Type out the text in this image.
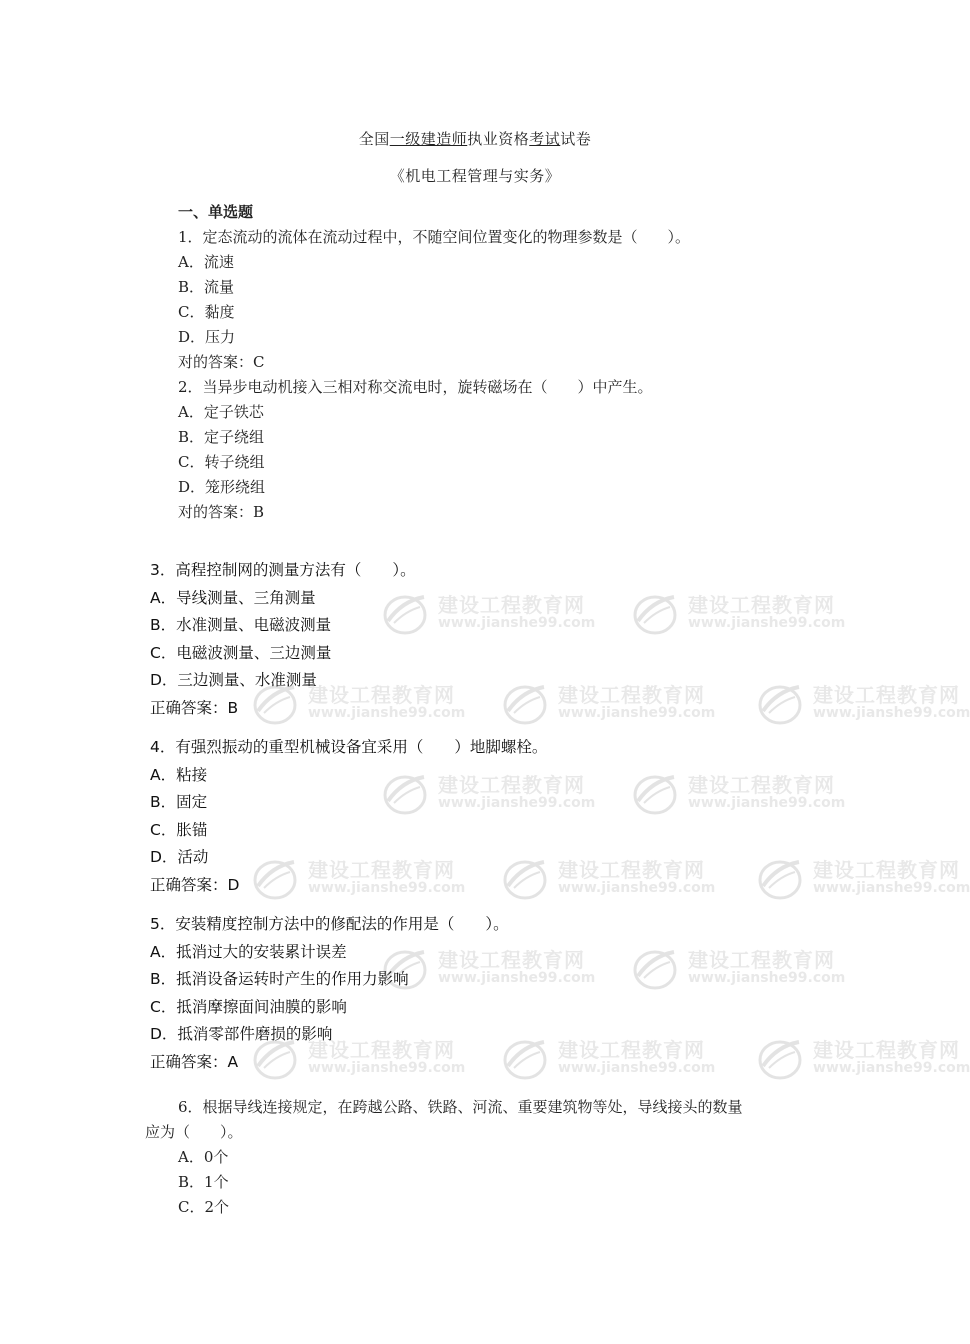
全国一级建造师执业资格考试试卷
《机电工程管理与实务》
一、单选题
1．定态流动的流体在流动过程中，不随空间位置变化的物理参数是（　　）。
A．流速
B．流量
C．黏度
D．压力
对的答案：C
2．当异步电动机接入三相对称交流电时，旋转磁场在（　　）中产生。
A．定子铁芯
B．定子绕组
C．转子绕组
D．笼形绕组
对的答案：B
建设工程教育网
www.jianshe99.com
建设工程教育网
www.jianshe99.com
建设工程教育网
www.jianshe99.com
建设工程教育网
www.jianshe99.com
建设工程教育网
www.jianshe99.com
建设工程教育网
www.jianshe99.com
建设工程教育网
www.jianshe99.com
建设工程教育网
www.jianshe99.com
建设工程教育网
www.jianshe99.com
建设工程教育网
www.jianshe99.com
建设工程教育网
www.jianshe99.com
建设工程教育网
www.jianshe99.com
建设工程教育网
www.jianshe99.com
建设工程教育网
www.jianshe99.com
建设工程教育网
www.jianshe99.com
3．高程控制网的测量方法有（　　）。
A．导线测量、三角测量
B．水准测量、电磁波测量
C．电磁波测量、三边测量
D．三边测量、水准测量
正确答案：B
4．有强烈振动的重型机械设备宜采用（　　）地脚螺栓。
A．粘接
B．固定
C．胀锚
D．活动
正确答案：D
5．安装精度控制方法中的修配法的作用是（　　）。
A．抵消过大的安装累计误差
B．抵消设备运转时产生的作用力影响
C．抵消摩擦面间油膜的影响
D．抵消零部件磨损的影响
正确答案：A
6．根据导线连接规定，在跨越公路、铁路、河流、重要建筑物等处，导线接头的数量
应为（　　）。
A．0个
B．1个
C．2个
